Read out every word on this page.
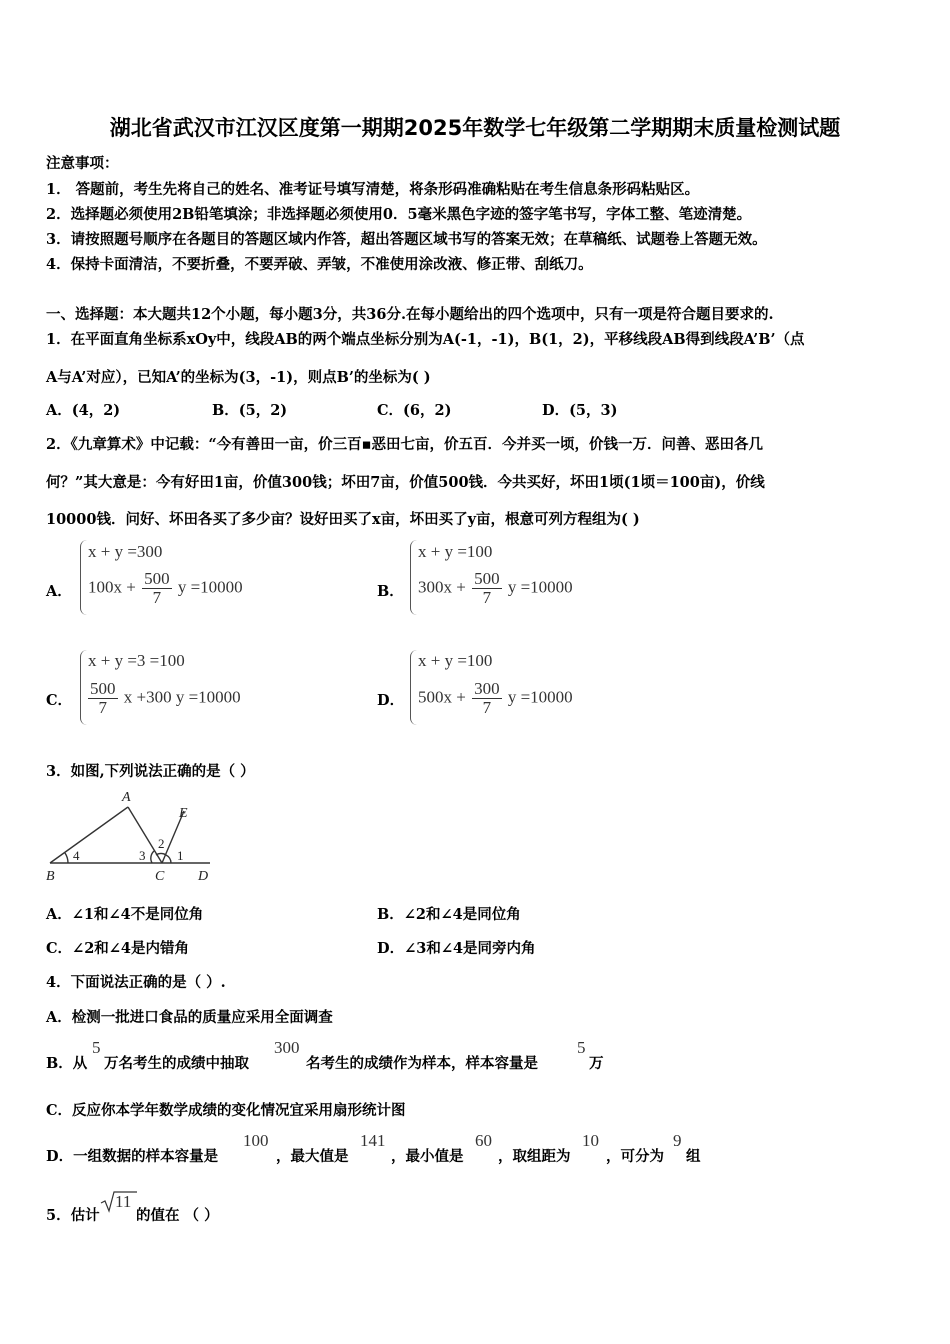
湖北省武汉市江汉区度第一期期2025年数学七年级第二学期期末质量检测试题
注意事项：
1． 答题前，考生先将自己的姓名、准考证号填写清楚，将条形码准确粘贴在考生信息条形码粘贴区。
2．选择题必须使用2B铅笔填涂；非选择题必须使用0．5毫米黑色字迹的签字笔书写，字体工整、笔迹清楚。
3．请按照题号顺序在各题目的答题区域内作答，超出答题区域书写的答案无效；在草稿纸、试题卷上答题无效。
4．保持卡面清洁，不要折叠，不要弄破、弄皱，不准使用涂改液、修正带、刮纸刀。
一、选择题：本大题共12个小题，每小题3分，共36分.在每小题给出的四个选项中，只有一项是符合题目要求的.
1．在平面直角坐标系xOy中，线段AB的两个端点坐标分别为A(-1，-1)，B(1，2)，平移线段AB得到线段A’B’（点
A与A’对应），已知A’的坐标为(3，-1)，则点B’的坐标为( )
A．(4，2)	B．(5，2)	C．(6，2)	D．(5，3)
2．《九章算术》中记载：“今有善田一亩，价三百▪恶田七亩，价五百．今并买一顷，价钱一万．问善、恶田各几
何？”其大意是：今有好田1亩，价值300钱；坏田7亩，价值500钱．今共买好，坏田1顷(1顷＝100亩)，价线
10000钱．问好、坏田各买了多少亩？设好田买了x亩，坏田买了y亩，根意可列方程组为( )
A．
x + y =300
$100x + \frac{500}{7}$ y =10000	B．
x + y =100
$300x + \frac{500}{7}$ y =10000
C．
x + y =3 =100
$\frac{500}{7}$ x +300 y =10000	D．
x + y =100
$500x + \frac{300}{7}$ y =10000
3．如图,下列说法正确的是（ ）
A
B	C D
E
4	3
2
1
A．∠1和∠4不是同位角	B．∠2和∠4是同位角
C．∠2和∠4是内错角	D．∠3和∠4是同旁内角
4．下面说法正确的是（ ）.
A．检测一批进口食品的质量应采用全面调查
B．从
5
万名考生的成绩中抽取
300
名考生的成绩作为样本，样本容量是
5
万
C．反应你本学年数学成绩的变化情况宜采用扇形统计图
D．一组数据的样本容量是
100
，最大值是
141
，最小值是
60
，取组距为
10
，可分为
9
组
5．估计
11
的值在 （ ）
